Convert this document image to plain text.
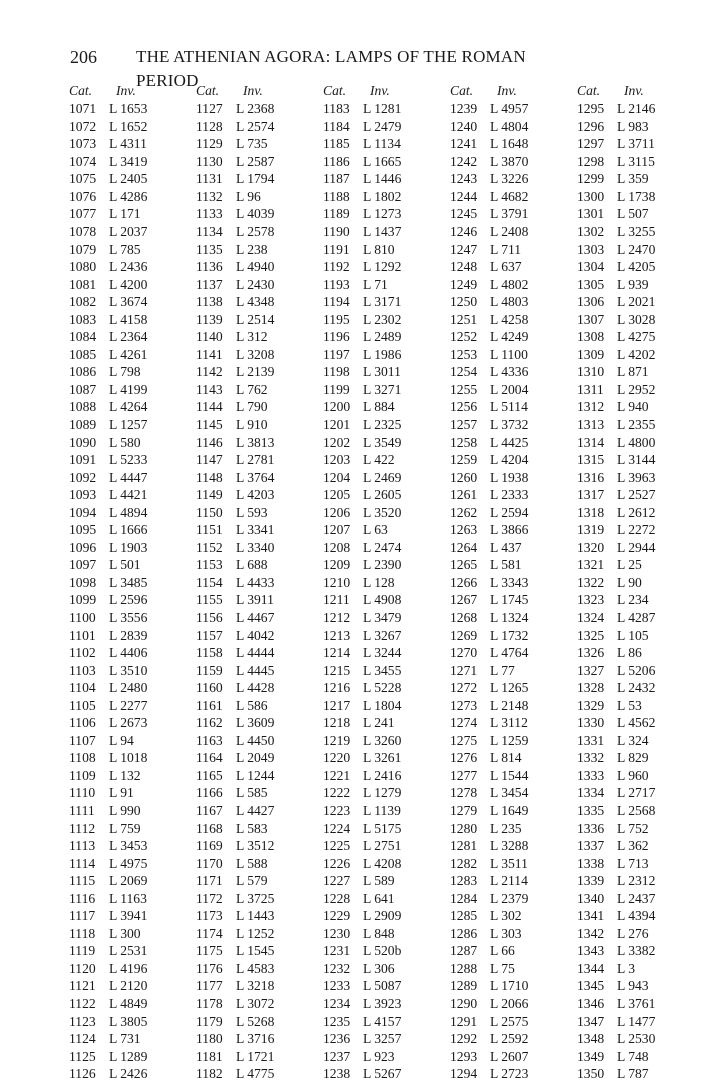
206 THE ATHENIAN AGORA: LAMPS OF THE ROMAN PERIOD
Cat.	Inv.
1071 L 1653
1072 L 1652
1073 L 4311
1074 L 3419
1075 L 2405
1076 L 4286
1077 L 171
1078 L 2037
1079 L 785
1080 L 2436
1081 L 4200
1082 L 3674
1083 L 4158
1084 L 2364
1085 L 4261
1086 L 798
1087 L 4199
1088 L 4264
1089 L 1257
1090 L 580
1091 L 5233
1092 L 4447
1093 L 4421
1094 L 4894
1095 L 1666
1096 L 1903
1097 L 501
1098 L 3485
1099 L 2596
1100 L 3556
1101 L 2839
1102 L 4406
1103 L 3510
1104 L 2480
1105 L 2277
1106 L 2673
1107 L 94
1108 L 1018
1109 L 132
1110	L 91
1111	L 990
1112	L 759
1113	L 3453
1114	L 4975
1115	L 2069
1116	L 1163
1117	L 3941
1118	L 300
1119	L 2531
1120 L 4196
1121 L 2120
1122 L 4849
1123 L 3805
1124 L 731
1125 L 1289
1126 L 2426
Cat.	Inv.
1127 L 2368
1128 L 2574
1129 L 735
1130 L 2587
1131 L 1794
1132 L 96
1133 L 4039
1134 L 2578
1135 L 238
1136 L 4940
1137 L 2430
1138 L 4348
1139 L 2514
1140 L 312
1141 L 3208
1142 L 2139
1143 L 762
1144 L 790
1145 L 910
1146 L 3813
1147 L 2781
1148 L 3764
1149 L 4203
1150 L 593
1151 L 3341
1152 L 3340
1153 L 688
1154 L 4433
1155 L 3911
1156 L 4467
1157 L 4042
1158 L 4444
1159 L 4445
1160 L 4428
1161 L 586
1162 L 3609
1163 L 4450
1164 L 2049
1165 L 1244
1166 L 585
1167 L 4427
1168 L 583
1169 L 3512
1170 L 588
1171 L 579
1172 L 3725
1173 L 1443
1174 L 1252
1175 L 1545
1176 L 4583
1177 L 3218
1178 L 3072
1179 L 5268
1180 L 3716
1181 L 1721
1182 L 4775
Cat.	Inv.
1183 L 1281
1184 L 2479
1185 L 1134
1186 L 1665
1187 L 1446
1188 L 1802
1189 L 1273
1190 L 1437
1191 L 810
1192 L 1292
1193 L 71
1194 L 3171
1195 L 2302
1196 L 2489
1197 L 1986
1198 L 3011
1199 L 3271
1200 L 884
1201 L 2325
1202 L 3549
1203 L 422
1204 L 2469
1205 L 2605
1206 L 3520
1207 L 63
1208 L 2474
1209 L 2390
1210 L 128
1211 L 4908
1212 L 3479
1213 L 3267
1214 L 3244
1215 L 3455
1216 L 5228
1217 L 1804
1218 L 241
1219 L 3260
1220 L 3261
1221 L 2416
1222 L 1279
1223 L 1139
1224 L 5175
1225 L 2751
1226 L 4208
1227 L 589
1228 L 641
1229 L 2909
1230 L 848
1231 L 520b
1232 L 306
1233 L 5087
1234 L 3923
1235 L 4157
1236 L 3257
1237 L 923
1238 L 5267
Cat.	Inv.
1239 L 4957
1240 L 4804
1241 L 1648
1242 L 3870
1243 L 3226
1244 L 4682
1245 L 3791
1246 L 2408
1247 L 711
1248 L 637
1249 L 4802
1250 L 4803
1251 L 4258
1252 L 4249
1253 L 1100
1254 L 4336
1255 L 2004
1256 L 5114
1257 L 3732
1258 L 4425
1259 L 4204
1260 L 1938
1261 L 2333
1262 L 2594
1263 L 3866
1264 L 437
1265 L 581
1266 L 3343
1267 L 1745
1268 L 1324
1269 L 1732
1270 L 4764
1271 L 77
1272 L 1265
1273 L 2148
1274 L 3112
1275 L 1259
1276 L 814
1277 L 1544
1278 L 3454
1279 L 1649
1280 L 235
1281 L 3288
1282 L 3511
1283 L 2114
1284 L 2379
1285 L 302
1286 L 303
1287 L 66
1288 L 75
1289 L 1710
1290 L 2066
1291 L 2575
1292 L 2592
1293 L 2607
1294 L 2723
Cat.	Inv.
1295 L 2146
1296 L 983
1297 L 3711
1298 L 3115
1299 L 359
1300 L 1738
1301 L 507
1302 L 3255
1303 L 2470
1304 L 4205
1305 L 939
1306 L 2021
1307 L 3028
1308 L 4275
1309 L 4202
1310 L 871
1311 L 2952
1312 L 940
1313 L 2355
1314 L 4800
1315 L 3144
1316 L 3963
1317 L 2527
1318 L 2612
1319 L 2272
1320 L 2944
1321 L 25
1322 L 90
1323 L 234
1324 L 4287
1325 L 105
1326 L 86
1327 L 5206
1328 L 2432
1329 L 53
1330 L 4562
1331 L 324
1332 L 829
1333 L 960
1334 L 2717
1335 L 2568
1336 L 752
1337 L 362
1338 L 713
1339 L 2312
1340 L 2437
1341 L 4394
1342 L 276
1343 L 3382
1344 L 3
1345 L 943
1346 L 3761
1347 L 1477
1348 L 2530
1349 L 748
1350 L 787
